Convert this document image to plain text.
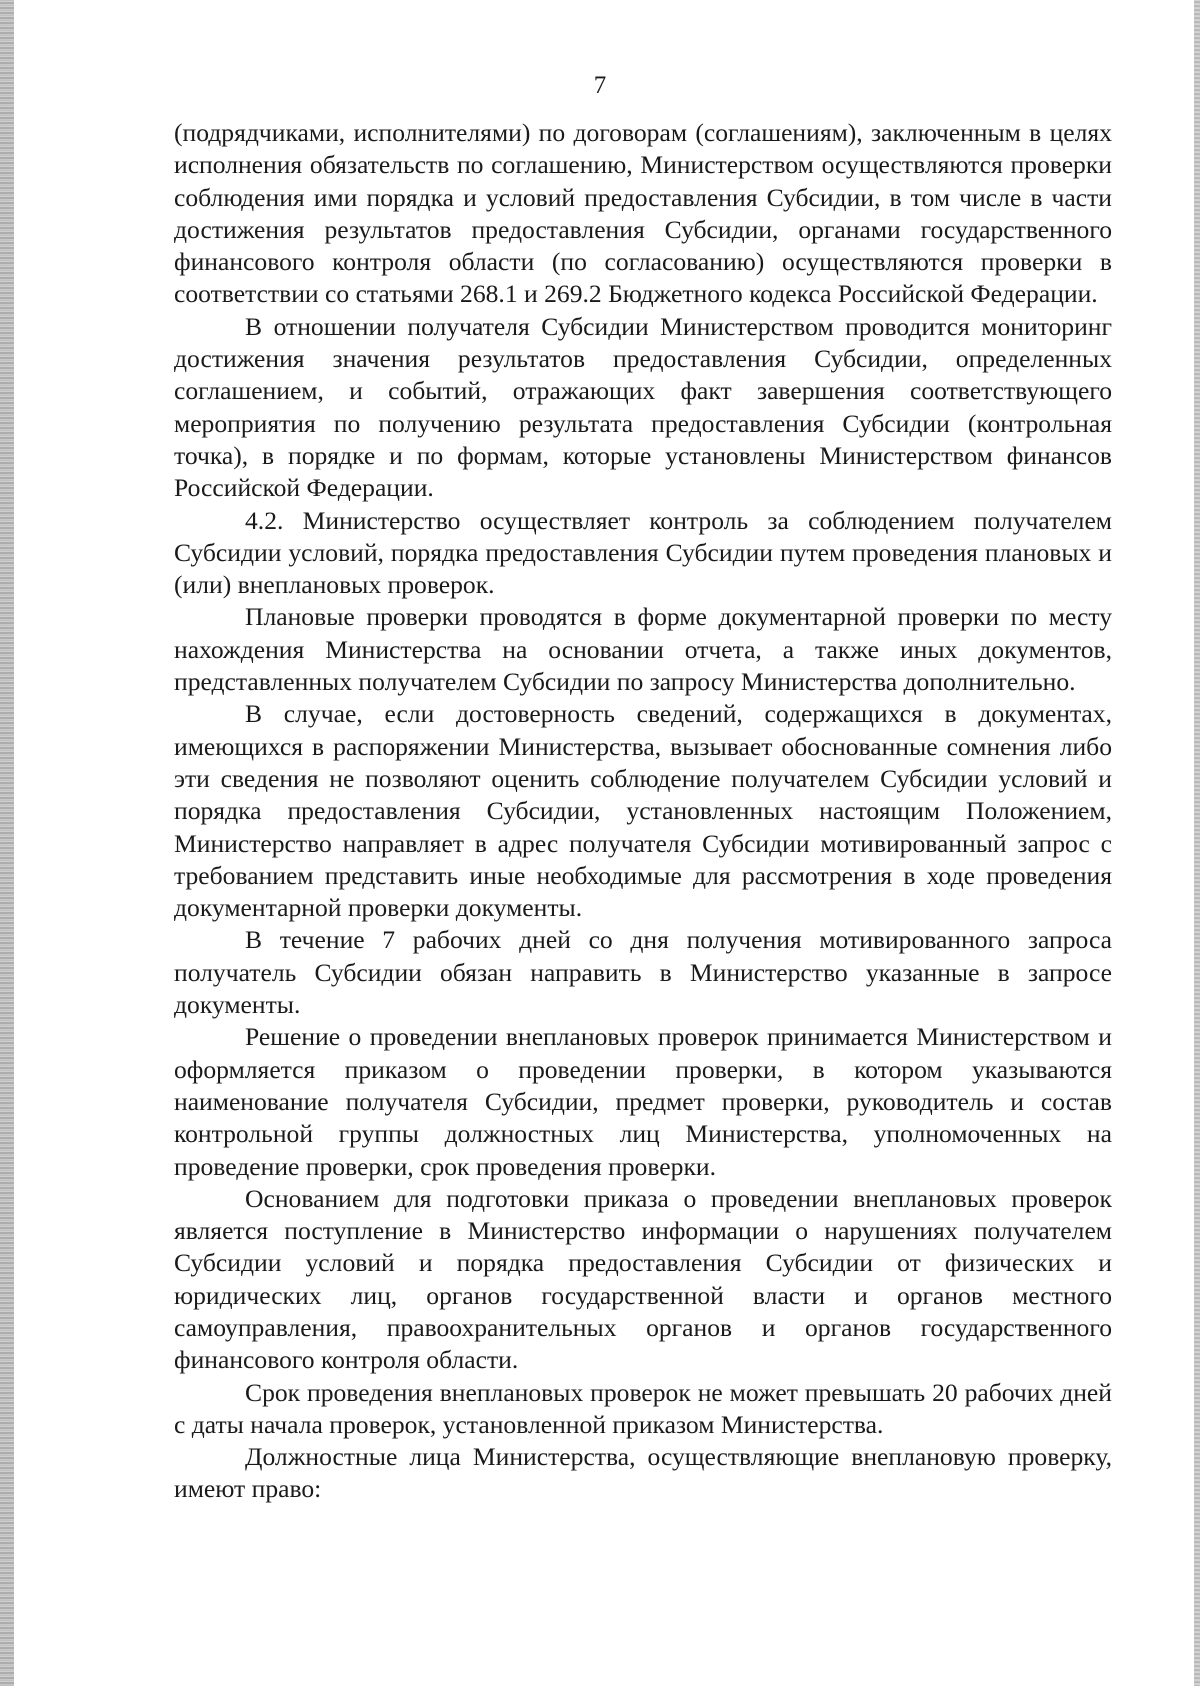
7

(подрядчиками, исполнителями) по договорам (соглашениям), заключенным в целях исполнения обязательств по соглашению, Министерством осуществляются проверки соблюдения ими порядка и условий предоставления Субсидии, в том числе в части достижения результатов предоставления Субсидии, органами государственного финансового контроля области (по согласованию) осуществляются проверки в соответствии со статьями 268.1 и 269.2 Бюджетного кодекса Российской Федерации.

В отношении получателя Субсидии Министерством проводится мониторинг достижения значения результатов предоставления Субсидии, определенных соглашением, и событий, отражающих факт завершения соответствующего мероприятия по получению результата предоставления Субсидии (контрольная точка), в порядке и по формам, которые установлены Министерством финансов Российской Федерации.

4.2. Министерство осуществляет контроль за соблюдением получателем Субсидии условий, порядка предоставления Субсидии путем проведения плановых и (или) внеплановых проверок.

Плановые проверки проводятся в форме документарной проверки по месту нахождения Министерства на основании отчета, а также иных документов, представленных получателем Субсидии по запросу Министерства дополнительно.

В случае, если достоверность сведений, содержащихся в документах, имеющихся в распоряжении Министерства, вызывает обоснованные сомнения либо эти сведения не позволяют оценить соблюдение получателем Субсидии условий и порядка предоставления Субсидии, установленных настоящим Положением, Министерство направляет в адрес получателя Субсидии мотивированный запрос с требованием представить иные необходимые для рассмотрения в ходе проведения документарной проверки документы.

В течение 7 рабочих дней со дня получения мотивированного запроса получатель Субсидии обязан направить в Министерство указанные в запросе документы.

Решение о проведении внеплановых проверок принимается Министерством и оформляется приказом о проведении проверки, в котором указываются наименование получателя Субсидии, предмет проверки, руководитель и состав контрольной группы должностных лиц Министерства, уполномоченных на проведение проверки, срок проведения проверки.

Основанием для подготовки приказа о проведении внеплановых проверок является поступление в Министерство информации о нарушениях получателем Субсидии условий и порядка предоставления Субсидии от физических и юридических лиц, органов государственной власти и органов местного самоуправления, правоохранительных органов и органов государственного финансового контроля области.

Срок проведения внеплановых проверок не может превышать 20 рабочих дней с даты начала проверок, установленной приказом Министерства.

Должностные лица Министерства, осуществляющие внеплановую проверку, имеют право:
